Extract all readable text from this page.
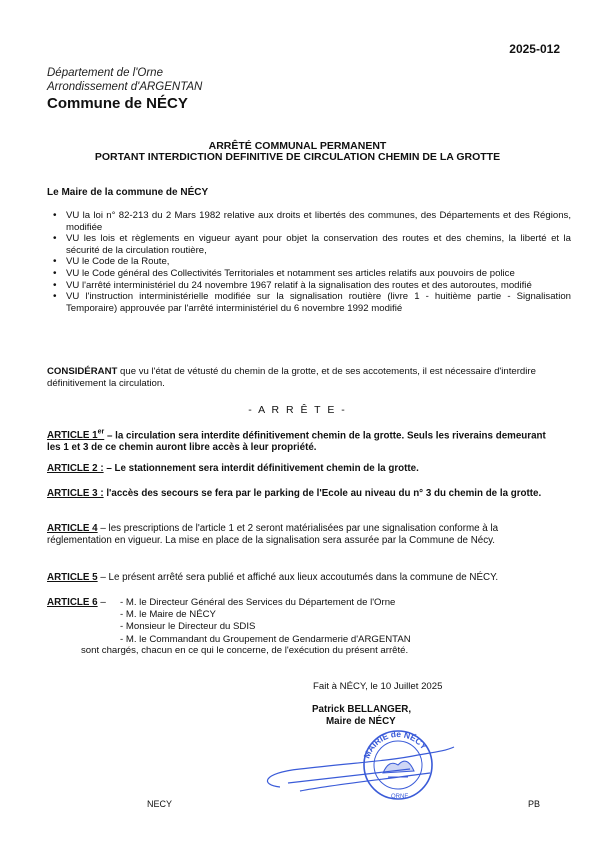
2025-012
Département de l'Orne
Arrondissement d'ARGENTAN
Commune de NÉCY
ARRÊTÉ COMMUNAL PERMANENT
PORTANT INTERDICTION DEFINITIVE DE CIRCULATION CHEMIN DE LA GROTTE
Le Maire de la commune de NÉCY
• VU la loi n° 82-213 du 2 Mars 1982 relative aux droits et libertés des communes, des Départements et des Régions, modifiée
• VU les lois et règlements en vigueur ayant pour objet la conservation des routes et des chemins, la liberté et la sécurité de la circulation routière,
• VU le Code de la Route,
• VU le Code général des Collectivités Territoriales et notamment ses articles relatifs aux pouvoirs de police
• VU l'arrêté interministériel du 24 novembre 1967 relatif à la signalisation des routes et des autoroutes, modifié
• VU l'instruction interministérielle modifiée sur la signalisation routière (livre 1 - huitième partie - Signalisation Temporaire) approuvée par l'arrêté interministériel du 6 novembre 1992 modifié
CONSIDÉRANT que vu l'état de vétusté du chemin de la grotte, et de ses accotements, il est nécessaire d'interdire définitivement la circulation.
- A R R Ê T E -
ARTICLE 1er – la circulation sera interdite définitivement chemin de la grotte. Seuls les riverains demeurant les 1 et 3 de ce chemin auront libre accès à leur propriété.
ARTICLE 2 : – Le stationnement sera interdit définitivement chemin de la grotte.
ARTICLE 3 : l'accès des secours se fera par le parking de l'Ecole au niveau du n° 3 du chemin de la grotte.
ARTICLE 4 – les prescriptions de l'article 1 et 2 seront matérialisées par une signalisation conforme à la réglementation en vigueur. La mise en place de la signalisation sera assurée par la Commune de Nécy.
ARTICLE 5 – Le présent arrêté sera publié et affiché aux lieux accoutumés dans la commune de NÉCY.
ARTICLE 6 –	- M. le Directeur Général des Services du Département de l'Orne
- M. le Maire de NÉCY
- Monsieur le Directeur du SDIS
- M. le Commandant du Groupement de Gendarmerie d'ARGENTAN
sont chargés, chacun en ce qui le concerne, de l'exécution du présent arrêté.
Fait à NÉCY, le 10 Juillet 2025
Patrick BELLANGER,
Maire de NÉCY
MAIRIE de NÉCY
ORNE
NECY	PB
